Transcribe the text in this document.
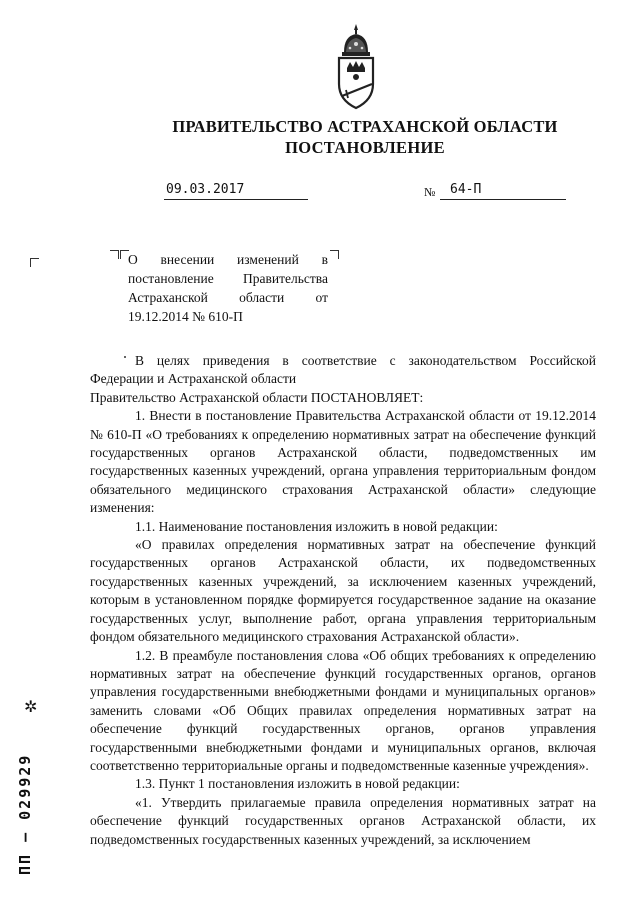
ПРАВИТЕЛЬСТВО АСТРАХАНСКОЙ ОБЛАСТИ
ПОСТАНОВЛЕНИЕ
09.03.2017	№	64-П
О внесении изменений в постановление Правительства Астраханской области от 19.12.2014 № 610-П

В целях приведения в соответствие с законодательством Российской Федерации и Астраханской области

Правительство Астраханской области ПОСТАНОВЛЯЕТ:

1. Внести в постановление Правительства Астраханской области от 19.12.2014 № 610-П «О требованиях к определению нормативных затрат на обеспечение функций государственных органов Астраханской области, подведомственных им государственных казенных учреждений, органа управления территориальным фондом обязательного медицинского страхования Астраханской области» следующие изменения:

1.1. Наименование постановления изложить в новой редакции:

«О правилах определения нормативных затрат на обеспечение функций государственных органов Астраханской области, их подведомственных государственных казенных учреждений, за исключением казенных учреждений, которым в установленном порядке формируется государственное задание на оказание государственных услуг, выполнение работ, органа управления территориальным фондом обязательного медицинского страхования Астраханской области».

1.2. В преамбуле постановления слова «Об общих требованиях к определению нормативных затрат на обеспечение функций государственных органов, органов управления государственными внебюджетными фондами и муниципальных органов» заменить словами «Об Общих правилах определения нормативных затрат на обеспечение функций государственных органов, органов управления государственными внебюджетными фондами и муниципальных органов, включая соответственно территориальные органы и подведомственные казенные учреждения».

1.3. Пункт 1 постановления изложить в новой редакции:

«1. Утвердить прилагаемые правила определения нормативных затрат на обеспечение функций государственных органов Астраханской области, их подведомственных государственных казенных учреждений, за исключением

✲
ПП – 029929
